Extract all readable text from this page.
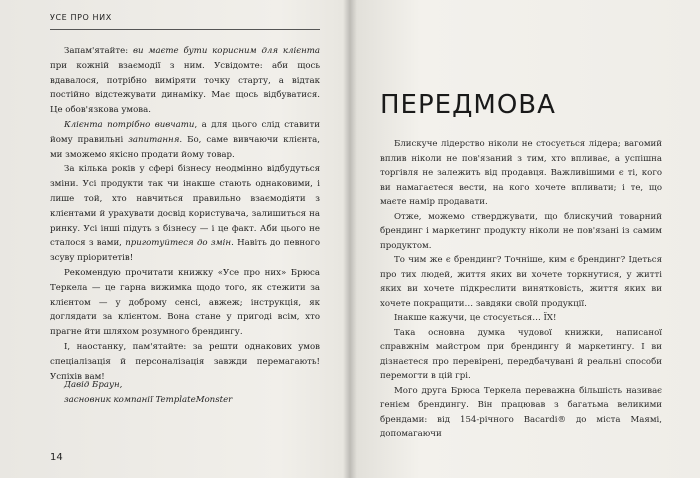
УСЕ ПРО НИХ

Запам'ятайте: ви маєте бути корисним для клієнта при кожній взаємодії з ним. Усвідомте: аби щось вдавалося, потрібно виміряти точку старту, а відтак постійно відстежувати динаміку. Має щось відбуватися. Це обов'язкова умова.

Клієнта потрібно вивчати, а для цього слід ставити йому правильні запитання. Бо, саме вивчаючи клієнта, ми зможемо якісно продати йому товар.

За кілька років у сфері бізнесу неодмінно відбудуться зміни. Усі продукти так чи інакше стають однаковими, і лише той, хто навчиться правильно взаємодіяти з клієнтами й урахувати досвід користувача, залишиться на ринку. Усі інші підуть з бізнесу — і це факт. Аби цього не сталося з вами, приготуйтеся до змін. Навіть до певного зсуву пріоритетів!

Рекомендую прочитати книжку «Усе про них» Брюса Теркела — це гарна вижимка щодо того, як стежити за клієнтом — у доброму сенсі, авжеж; інструкція, як доглядати за клієнтом. Вона стане у пригоді всім, хто прагне йти шляхом розумного брендингу.

І, наостанку, пам'ятайте: за решти однакових умов спеціалізація й персоналізація завжди перемагають! Успіхів вам!

Давід Браун,
засновник компанії TemplateMonster
14
ПЕРЕДМОВА

Блискуче лідерство ніколи не стосується лідера; вагомий вплив ніколи не пов'язаний з тим, хто впливає, а успішна торгівля не залежить від продавця. Важливішими є ті, кого ви намагаєтеся вести, на кого хочете впливати; і те, що маєте намір продавати.

Отже, можемо стверджувати, що блискучий товарний брендинг і маркетинг продукту ніколи не пов'язані із самим продуктом.

То чим же є брендинг? Точніше, ким є брендинг? Ідеться про тих людей, життя яких ви хочете торкнутися, у житті яких ви хочете підкреслити винятковість, життя яких ви хочете покращити… завдяки своїй продукції.

Інакше кажучи, це стосується… ЇХ!

Така основна думка чудової книжки, написаної справжнім майстром при брендингу й маркетингу. І ви дізнаєтеся про перевірені, передбачувані й реальні способи перемогти в цій грі.

Мого друга Брюса Теркела переважна більшість називає генієм брендингу. Він працював з багатьма великими брендами: від 154-річного Bacardi® до міста Маямі, допомагаючи
